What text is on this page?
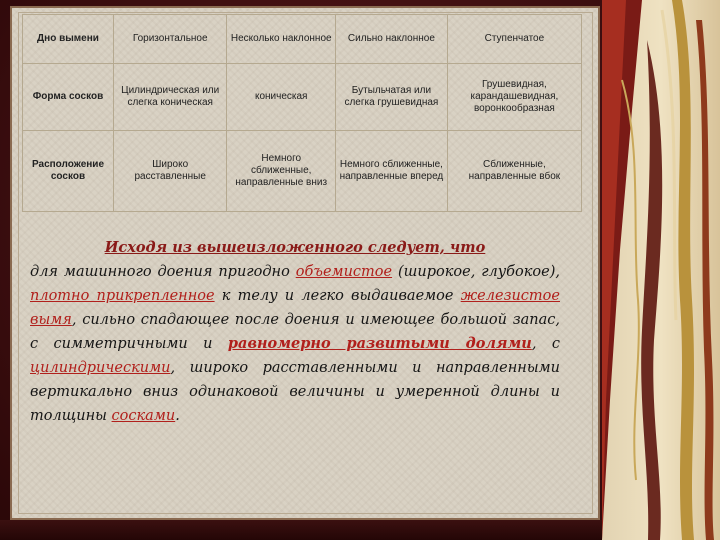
Дно вымени	Горизонтальное	Несколько наклонное	Сильно наклонное	Ступенчатое
Форма сосков	Цилиндрическая или слегка коническая	коническая	Бутыльчатая или слегка грушевидная	Грушевидная, карандашевидная, воронкообразная
Расположение сосков	Широко расставленные	Немного сближенные, направленные вниз	Немного сближенные, направленные вперед	Сближенные, направленные вбок
Исходя из вышеизложенного следует, что
для машинного доения пригодно объемистое (широкое, глубокое), плотно прикрепленное к телу и легко выдаиваемое железистое вымя, сильно спадающее после доения и имеющее большой запас, с симметричными и равномерно развитыми долями, с цилиндрическими, широко расставленными и направленными вертикально вниз одинаковой величины и умеренной длины и толщины сосками.
